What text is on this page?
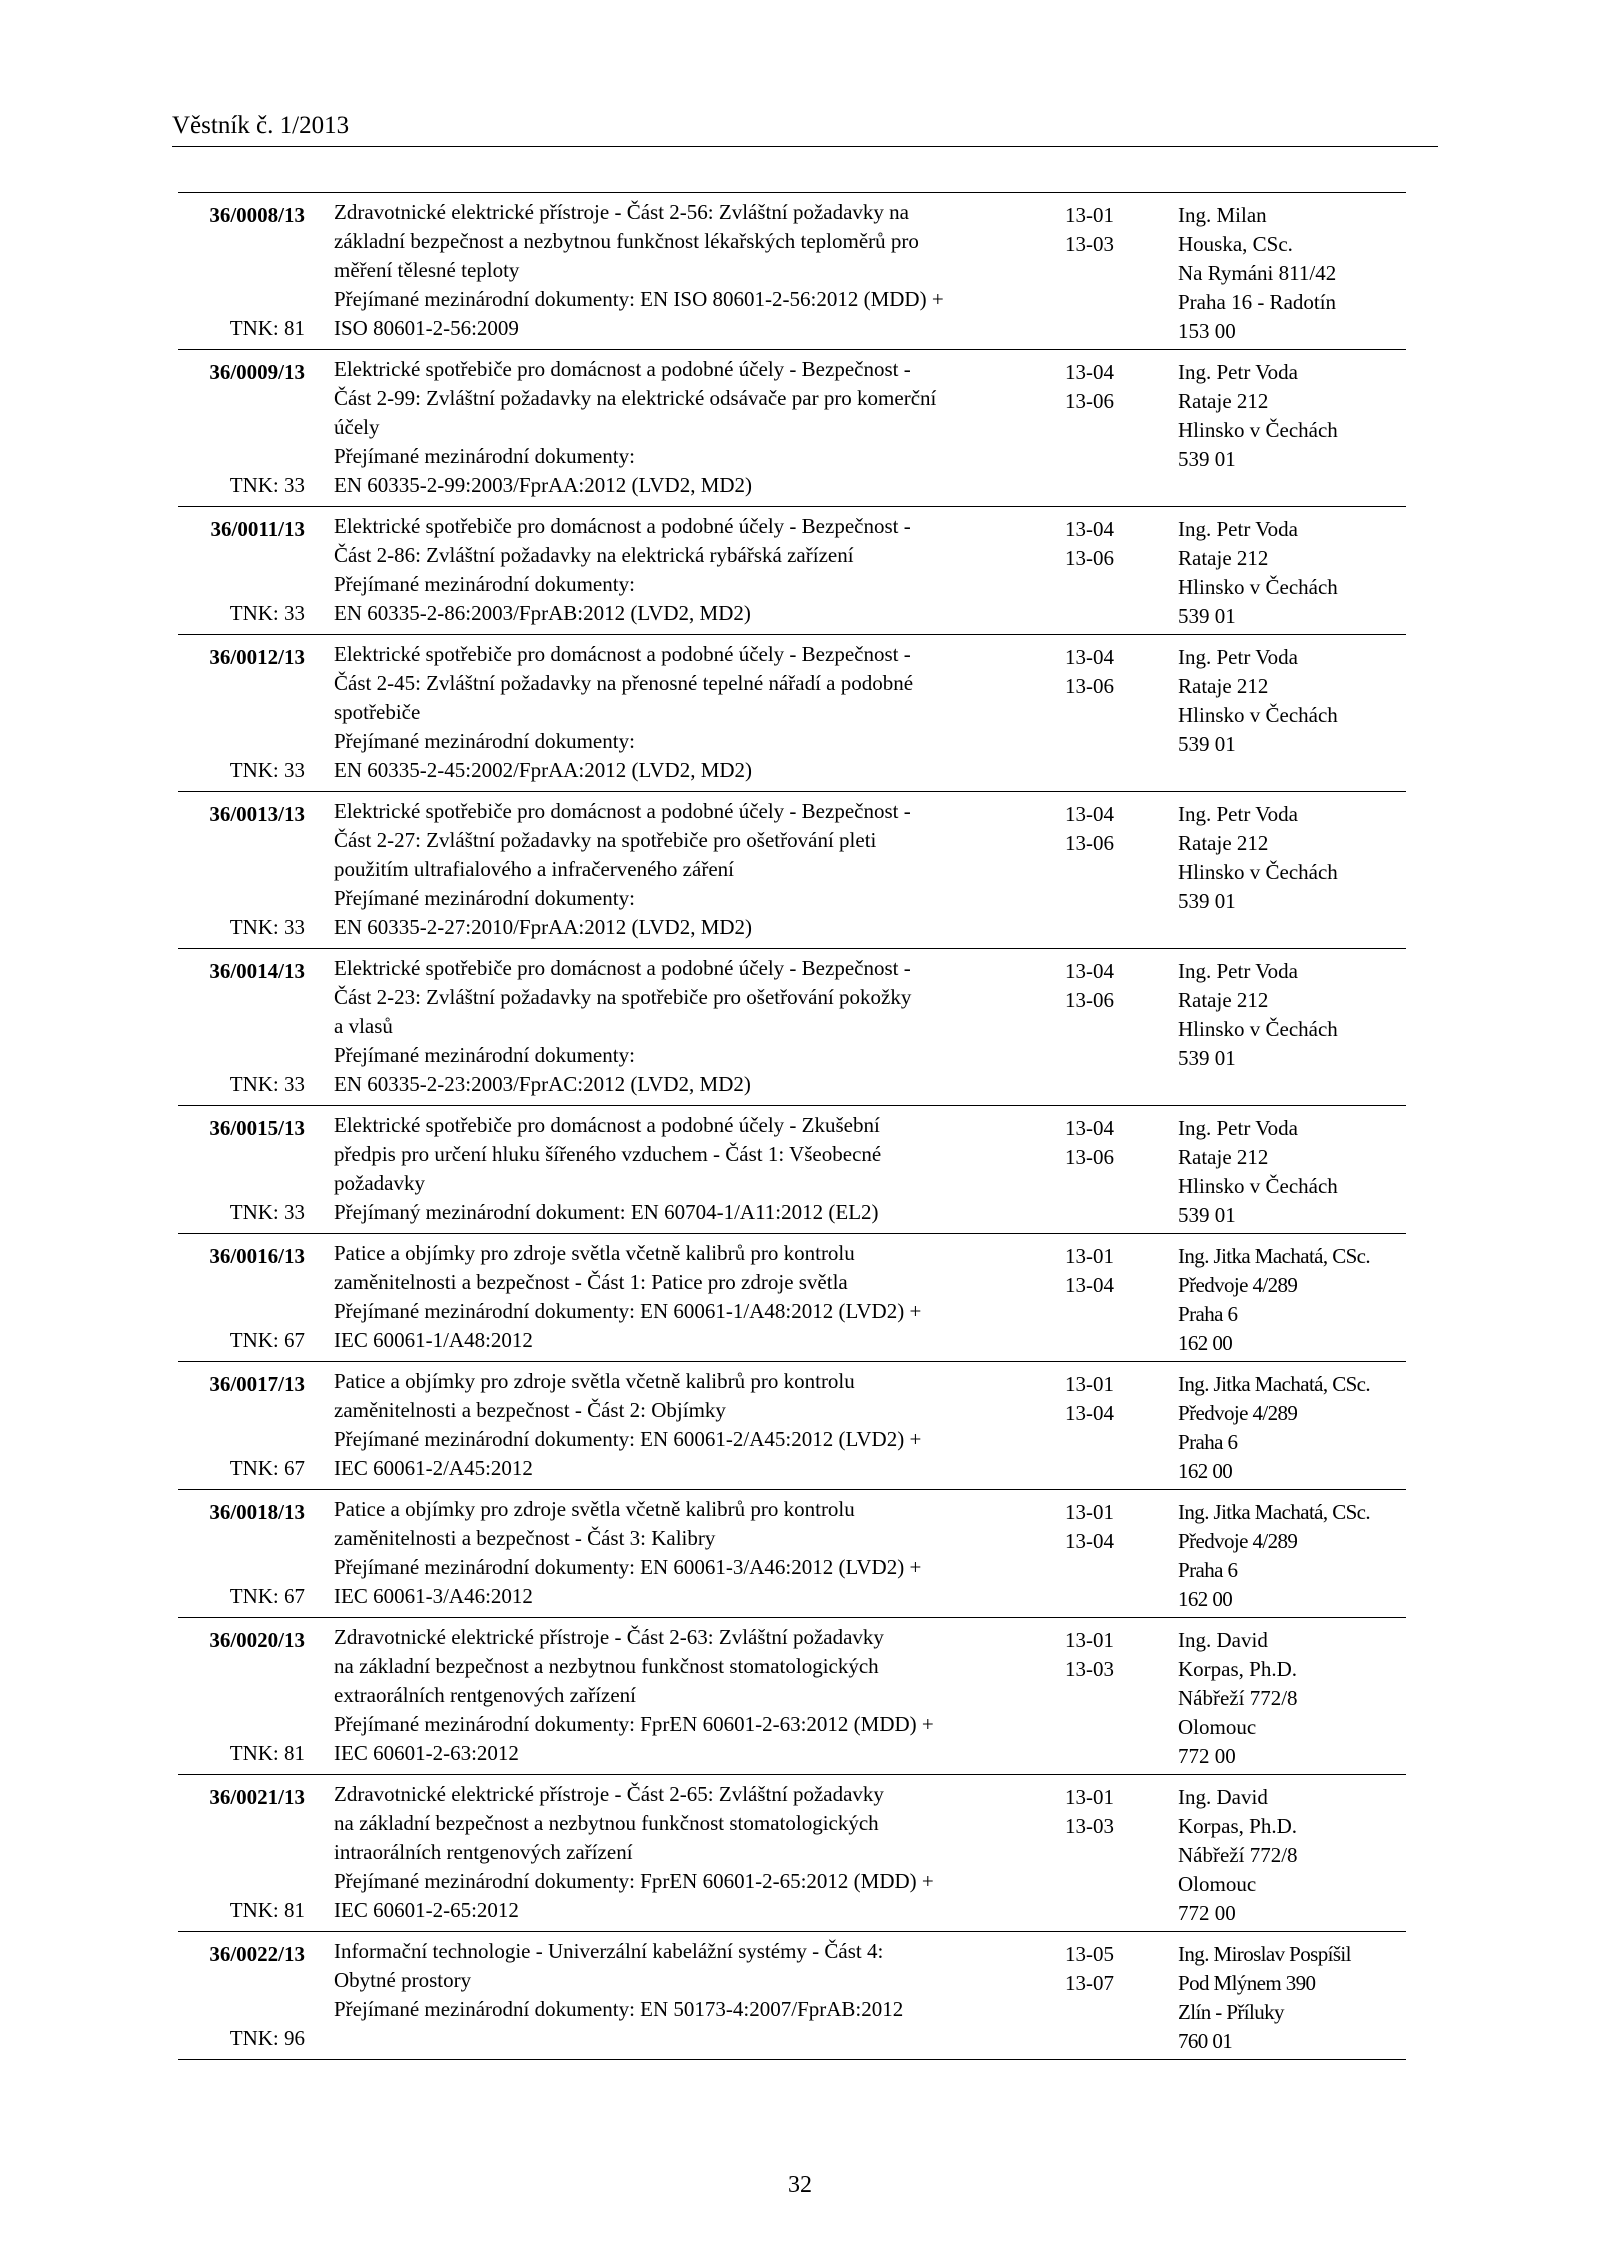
Věstník č. 1/2013
36/0008/13
TNK: 81
Zdravotnické elektrické přístroje - Část 2-56: Zvláštní požadavky na
základní bezpečnost a nezbytnou funkčnost lékařských teploměrů pro
měření tělesné teploty
Přejímané mezinárodní dokumenty: EN ISO 80601-2-56:2012 (MDD) +
ISO 80601-2-56:2009
13-01
13-03
Ing. Milan
Houska, CSc.
Na Rymáni 811/42
Praha 16 - Radotín
153 00
36/0009/13
TNK: 33
Elektrické spotřebiče pro domácnost a podobné účely - Bezpečnost -
Část 2-99: Zvláštní požadavky na elektrické odsávače par pro komerční
účely
Přejímané mezinárodní dokumenty:
EN 60335-2-99:2003/FprAA:2012 (LVD2, MD2)
13-04
13-06
Ing. Petr Voda
Rataje 212
Hlinsko v Čechách
539 01
36/0011/13
TNK: 33
Elektrické spotřebiče pro domácnost a podobné účely - Bezpečnost -
Část 2-86: Zvláštní požadavky na elektrická rybářská zařízení
Přejímané mezinárodní dokumenty:
EN 60335-2-86:2003/FprAB:2012 (LVD2, MD2)
13-04
13-06
Ing. Petr Voda
Rataje 212
Hlinsko v Čechách
539 01
36/0012/13
TNK: 33
Elektrické spotřebiče pro domácnost a podobné účely - Bezpečnost -
Část 2-45: Zvláštní požadavky na přenosné tepelné nářadí a podobné
spotřebiče
Přejímané mezinárodní dokumenty:
EN 60335-2-45:2002/FprAA:2012 (LVD2, MD2)
13-04
13-06
Ing. Petr Voda
Rataje 212
Hlinsko v Čechách
539 01
36/0013/13
TNK: 33
Elektrické spotřebiče pro domácnost a podobné účely - Bezpečnost -
Část 2-27: Zvláštní požadavky na spotřebiče pro ošetřování pleti
použitím ultrafialového a infračerveného záření
Přejímané mezinárodní dokumenty:
EN 60335-2-27:2010/FprAA:2012 (LVD2, MD2)
13-04
13-06
Ing. Petr Voda
Rataje 212
Hlinsko v Čechách
539 01
36/0014/13
TNK: 33
Elektrické spotřebiče pro domácnost a podobné účely - Bezpečnost -
Část 2-23: Zvláštní požadavky na spotřebiče pro ošetřování pokožky
a vlasů
Přejímané mezinárodní dokumenty:
EN 60335-2-23:2003/FprAC:2012 (LVD2, MD2)
13-04
13-06
Ing. Petr Voda
Rataje 212
Hlinsko v Čechách
539 01
36/0015/13
TNK: 33
Elektrické spotřebiče pro domácnost a podobné účely - Zkušební
předpis pro určení hluku šířeného vzduchem - Část 1: Všeobecné
požadavky
Přejímaný mezinárodní dokument: EN 60704-1/A11:2012 (EL2)
13-04
13-06
Ing. Petr Voda
Rataje 212
Hlinsko v Čechách
539 01
36/0016/13
TNK: 67
Patice a objímky pro zdroje světla včetně kalibrů pro kontrolu
zaměnitelnosti a bezpečnost - Část 1: Patice pro zdroje světla
Přejímané mezinárodní dokumenty: EN 60061-1/A48:2012 (LVD2) +
IEC 60061-1/A48:2012
13-01
13-04
Ing. Jitka Machatá, CSc.
Předvoje 4/289
Praha 6
162 00
36/0017/13
TNK: 67
Patice a objímky pro zdroje světla včetně kalibrů pro kontrolu
zaměnitelnosti a bezpečnost - Část 2: Objímky
Přejímané mezinárodní dokumenty: EN 60061-2/A45:2012 (LVD2) +
IEC 60061-2/A45:2012
13-01
13-04
Ing. Jitka Machatá, CSc.
Předvoje 4/289
Praha 6
162 00
36/0018/13
TNK: 67
Patice a objímky pro zdroje světla včetně kalibrů pro kontrolu
zaměnitelnosti a bezpečnost - Část 3: Kalibry
Přejímané mezinárodní dokumenty: EN 60061-3/A46:2012 (LVD2) +
IEC 60061-3/A46:2012
13-01
13-04
Ing. Jitka Machatá, CSc.
Předvoje 4/289
Praha 6
162 00
36/0020/13
TNK: 81
Zdravotnické elektrické přístroje - Část 2-63: Zvláštní požadavky
na základní bezpečnost a nezbytnou funkčnost stomatologických
extraorálních rentgenových zařízení
Přejímané mezinárodní dokumenty: FprEN 60601-2-63:2012 (MDD) +
IEC 60601-2-63:2012
13-01
13-03
Ing. David
Korpas, Ph.D.
Nábřeží 772/8
Olomouc
772 00
36/0021/13
TNK: 81
Zdravotnické elektrické přístroje - Část 2-65: Zvláštní požadavky
na základní bezpečnost a nezbytnou funkčnost stomatologických
intraorálních rentgenových zařízení
Přejímané mezinárodní dokumenty: FprEN 60601-2-65:2012 (MDD) +
IEC 60601-2-65:2012
13-01
13-03
Ing. David
Korpas, Ph.D.
Nábřeží 772/8
Olomouc
772 00
36/0022/13
TNK: 96
Informační technologie - Univerzální kabelážní systémy - Část 4:
Obytné prostory
Přejímané mezinárodní dokumenty: EN 50173-4:2007/FprAB:2012

13-05
13-07
Ing. Miroslav Pospíšil
Pod Mlýnem 390
Zlín - Příluky
760 01
32
